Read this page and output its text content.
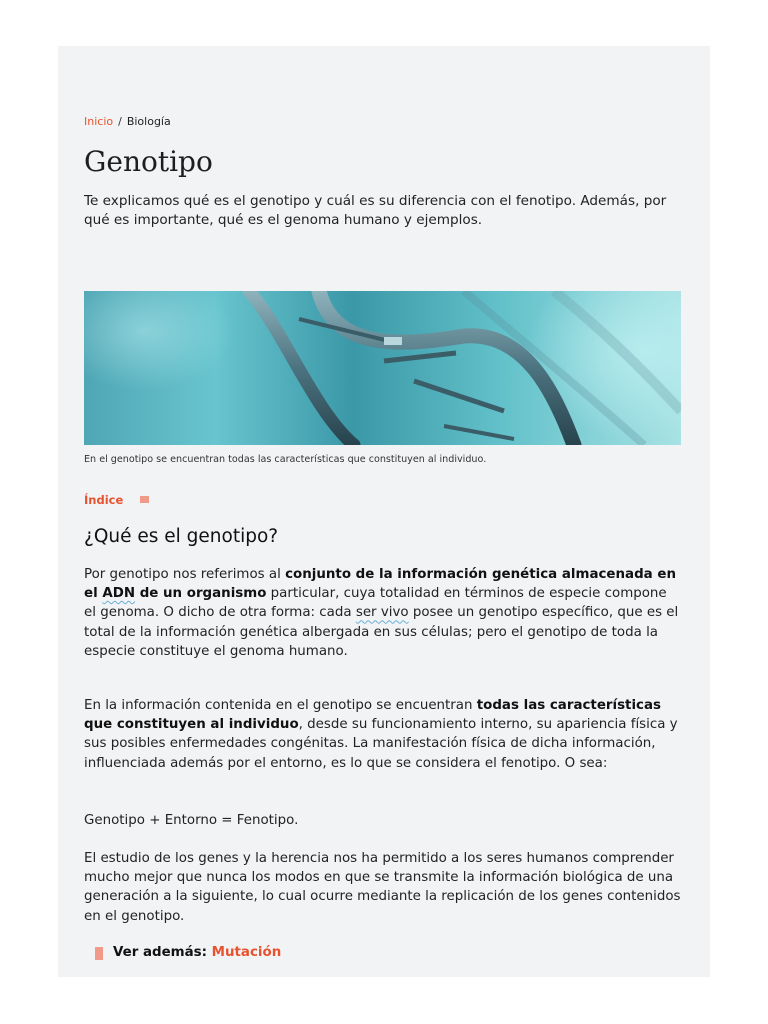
Inicio / Biología
Genotipo

Te explicamos qué es el genotipo y cuál es su diferencia con el fenotipo. Además, por qué es importante, qué es el genoma humano y ejemplos.

En el genotipo se encuentran todas las características que constituyen al individuo.

Índice
¿Qué es el genotipo?

Por genotipo nos referimos al conjunto de la información genética almacenada en el ADN de un organismo particular, cuya totalidad en términos de especie compone el genoma. O dicho de otra forma: cada ser vivo posee un genotipo específico, que es el total de la información genética albergada en sus células; pero el genotipo de toda la especie constituye el genoma humano.

En la información contenida en el genotipo se encuentran todas las características que constituyen al individuo, desde su funcionamiento interno, su apariencia física y sus posibles enfermedades congénitas. La manifestación física de dicha información, influenciada además por el entorno, es lo que se considera el fenotipo. O sea:

Genotipo + Entorno = Fenotipo.

El estudio de los genes y la herencia nos ha permitido a los seres humanos comprender mucho mejor que nunca los modos en que se transmite la información biológica de una generación a la siguiente, lo cual ocurre mediante la replicación de los genes contenidos en el genotipo.

Ver además: Mutación
